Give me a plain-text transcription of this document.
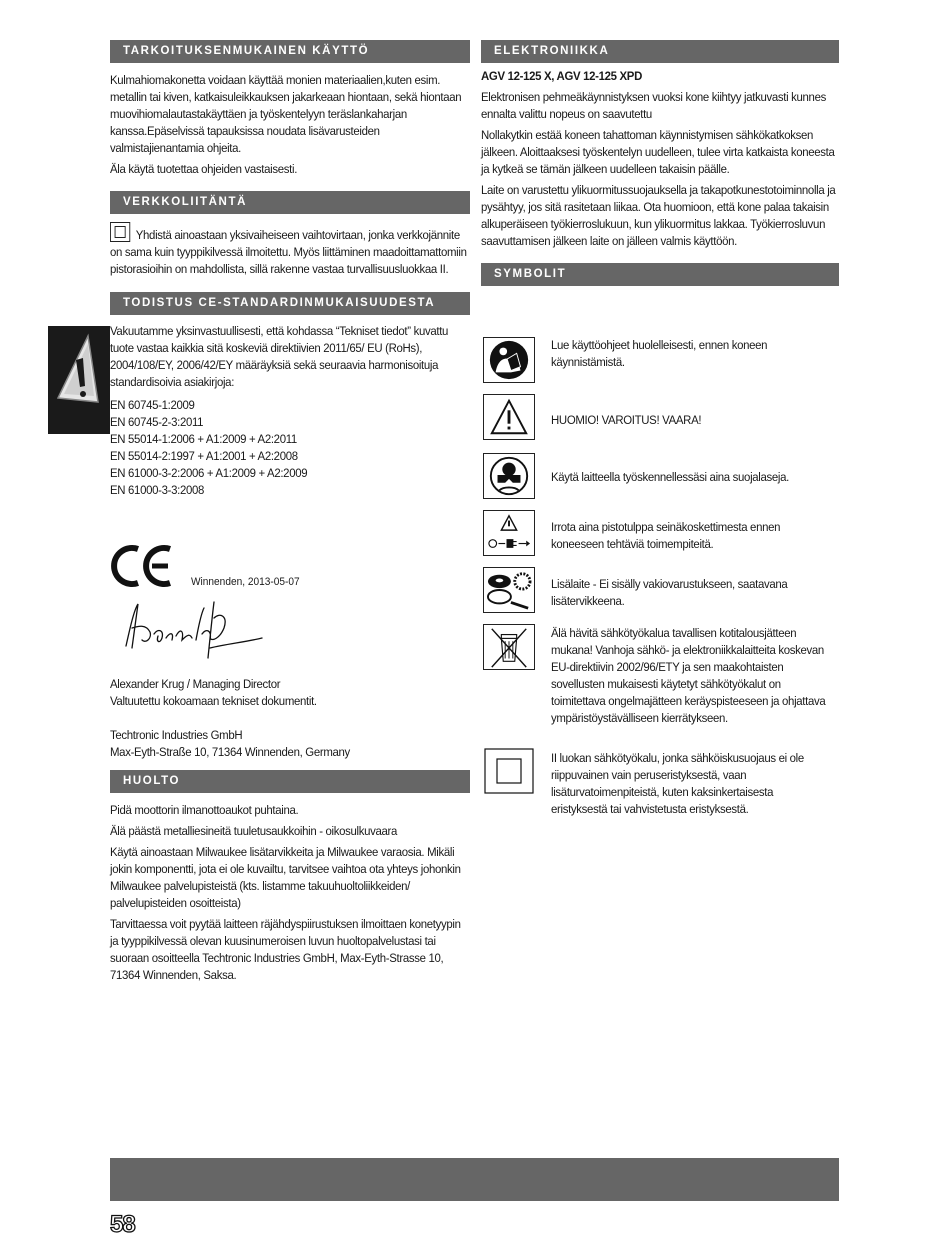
TARKOITUKSENMUKAINEN KÄYTTÖ
Kulmahiomakonetta voidaan käyttää monien materiaalien,kuten esim. metallin tai kiven, katkaisuleikkauksen jakarkeaan hiontaan, sekä hiontaan muovihiomalautastakäyttäen ja työskentelyyn teräslankaharjan kanssa.Epäselvissä tapauksissa noudata lisävarusteiden valmistajienantamia ohjeita.
Äla käytä tuotettaa ohjeiden vastaisesti.
VERKKOLIITÄNTÄ
Yhdistä ainoastaan yksivaiheiseen vaihtovirtaan, jonka verkkojännite on sama kuin tyyppikilvessä ilmoitettu. Myös liittäminen maadoittamattomiin pistorasioihin on mahdollista, sillä rakenne vastaa turvallisuusluokkaa II.
TODISTUS CE-STANDARDINMUKAISUUDESTA
Vakuutamme yksinvastuullisesti, että kohdassa “Tekniset tiedot” kuvattu tuote vastaa kaikkia sitä koskeviä direktiivien 2011/65/ EU (RoHs), 2004/108/EY, 2006/42/EY määräyksiä sekä seuraavia harmonisoituja standardisoivia asiakirjoja:
EN 60745-1:2009
EN 60745-2-3:2011
EN 55014-1:2006 + A1:2009 + A2:2011
EN 55014-2:1997 + A1:2001 + A2:2008
EN 61000-3-2:2006 + A1:2009 + A2:2009
EN 61000-3-3:2008
Winnenden, 2013-05-07
Alexander Krug / Managing Director
Valtuutettu kokoamaan tekniset dokumentit.
Techtronic Industries GmbH
Max-Eyth-Straße 10, 71364 Winnenden, Germany
HUOLTO
Pidä moottorin ilmanottoaukot puhtaina.
Älä päästä metalliesineitä tuuletusaukkoihin - oikosulkuvaara
Käytä ainoastaan Milwaukee lisätarvikkeita ja Milwaukee varaosia. Mikäli jokin komponentti, jota ei ole kuvailtu, tarvitsee vaihtoa ota yhteys johonkin Milwaukee palvelupisteistä (kts. listamme takuuhuoltoliikkeiden/ palvelupisteiden osoitteista)
Tarvittaessa voit pyytää laitteen räjähdyspiirustuksen ilmoittaen konetyypin ja tyyppikilvessä olevan kuusinumeroisen luvun huoltopalvelustasi tai suoraan osoitteella Techtronic Industries GmbH, Max-Eyth-Strasse 10, 71364 Winnenden, Saksa.
ELEKTRONIIKKA
AGV 12-125 X, AGV 12-125 XPD
Elektronisen pehmeäkäynnistyksen vuoksi kone kiihtyy jatkuvasti kunnes ennalta valittu nopeus on saavutettu
Nollakytkin estää koneen tahattoman käynnistymisen sähkökatkoksen jälkeen. Aloittaaksesi työskentelyn uudelleen, tulee virta katkaista koneesta ja kytkeä se tämän jälkeen uudelleen takaisin päälle.
Laite on varustettu ylikuormitussuojauksella ja takapotkunestotoiminnolla ja pysähtyy, jos sitä rasitetaan liikaa. Ota huomioon, että kone palaa takaisin alkuperäiseen työkierroslukuun, kun ylikuormitus lakkaa. Työkierrosluvun saavuttamisen jälkeen laite on jälleen valmis käyttöön.
SYMBOLIT
Lue käyttöohjeet huolelleisesti, ennen koneen käynnistämistä.
HUOMIO! VAROITUS! VAARA!
Käytä laitteella työskennellessäsi aina suojalaseja.
Irrota aina pistotulppa seinäkoskettimesta ennen koneeseen tehtäviä toimempiteitä.
Lisälaite - Ei sisälly vakiovarustukseen, saatavana lisätervikkeena.
Älä hävitä sähkötyökalua tavallisen kotitalousjätteen mukana! Vanhoja sähkö- ja elektroniikkalaitteita koskevan EU-direktiivin 2002/96/ETY ja sen maakohtaisten sovellusten mukaisesti käytetyt sähkötyökalut on toimitettava ongelmajätteen keräyspisteeseen ja ohjattava ympäristöystävälliseen kierrätykseen.
II luokan sähkötyökalu, jonka sähköiskusuojaus ei ole riippuvainen vain peruseristyksestä, vaan lisäturvatoimenpiteistä, kuten kaksinkertaisesta eristyksestä tai vahvistetusta eristyksestä.
58
